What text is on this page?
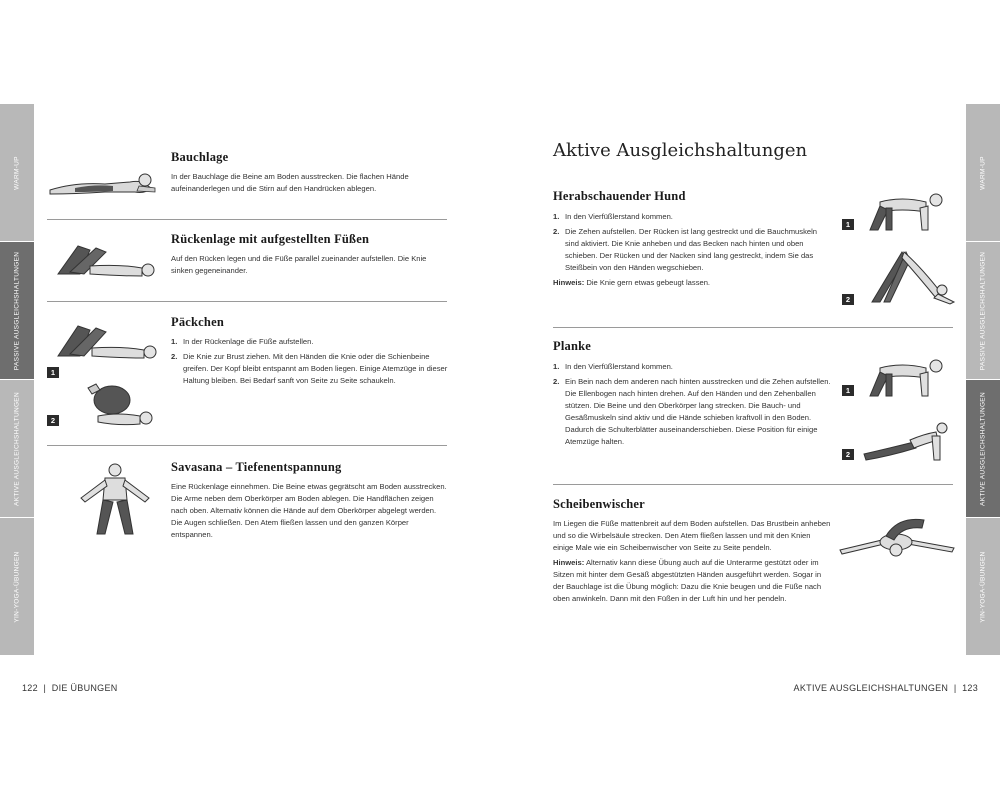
WARM-UP
PASSIVE AUSGLEICHSHALTUNGEN
AKTIVE AUSGLEICHSHALTUNGEN
YIN-YOGA-ÜBUNGEN
WARM-UP
PASSIVE AUSGLEICHSHALTUNGEN
AKTIVE AUSGLEICHSHALTUNGEN
YIN-YOGA-ÜBUNGEN
Bauchlage
In der Bauchlage die Beine am Boden ausstrecken. Die flachen Hände aufeinanderlegen und die Stirn auf den Handrücken ablegen.
Rückenlage mit aufgestellten Füßen
Auf den Rücken legen und die Füße parallel zueinander aufstellen. Die Knie sinken gegeneinander.
1
2
Päckchen
1. In der Rückenlage die Füße aufstellen.
2. Die Knie zur Brust ziehen. Mit den Händen die Knie oder die Schienbeine greifen. Der Kopf bleibt entspannt am Boden liegen. Einige Atemzüge in dieser Haltung bleiben. Bei Bedarf sanft von Seite zu Seite schaukeln.
Savasana – Tiefenentspannung
Eine Rückenlage einnehmen. Die Beine etwas gegrätscht am Boden ausstrecken. Die Arme neben dem Oberkörper am Boden ablegen. Die Handflächen zeigen nach oben. Alternativ können die Hände auf dem Oberkörper abgelegt werden. Die Augen schließen. Den Atem fließen lassen und den ganzen Körper entspannen.
122 | DIE ÜBUNGEN
Aktive Ausgleichshaltungen
Herabschauender Hund
1. In den Vierfüßlerstand kommen.
2. Die Zehen aufstellen. Der Rücken ist lang gestreckt und die Bauchmuskeln sind aktiviert. Die Knie anheben und das Becken nach hinten und oben schieben. Der Rücken und der Nacken sind lang gestreckt, indem Sie das Steißbein von den Händen wegschieben.
Hinweis: Die Knie gern etwas gebeugt lassen.
1
2
Planke
1. In den Vierfüßlerstand kommen.
2. Ein Bein nach dem anderen nach hinten ausstrecken und die Zehen aufstellen. Die Ellenbogen nach hinten drehen. Auf den Händen und den Zehenballen stützen. Die Beine und den Oberkörper lang strecken. Die Bauch- und Gesäßmuskeln sind aktiv und die Hände schieben kraftvoll in den Boden. Dadurch die Schulterblätter auseinanderschieben. Diese Position für einige Atemzüge halten.
1
2
Scheibenwischer
Im Liegen die Füße mattenbreit auf dem Boden aufstellen. Das Brustbein anheben und so die Wirbelsäule strecken. Den Atem fließen lassen und mit den Knien einige Male wie ein Scheibenwischer von Seite zu Seite pendeln.
Hinweis: Alternativ kann diese Übung auch auf die Unterarme gestützt oder im Sitzen mit hinter dem Gesäß abgestützten Händen ausgeführt werden. Sogar in der Bauchlage ist die Übung möglich: Dazu die Knie beugen und die Füße nach oben anwinkeln. Dann mit den Füßen in der Luft hin und her pendeln.
AKTIVE AUSGLEICHSHALTUNGEN | 123
